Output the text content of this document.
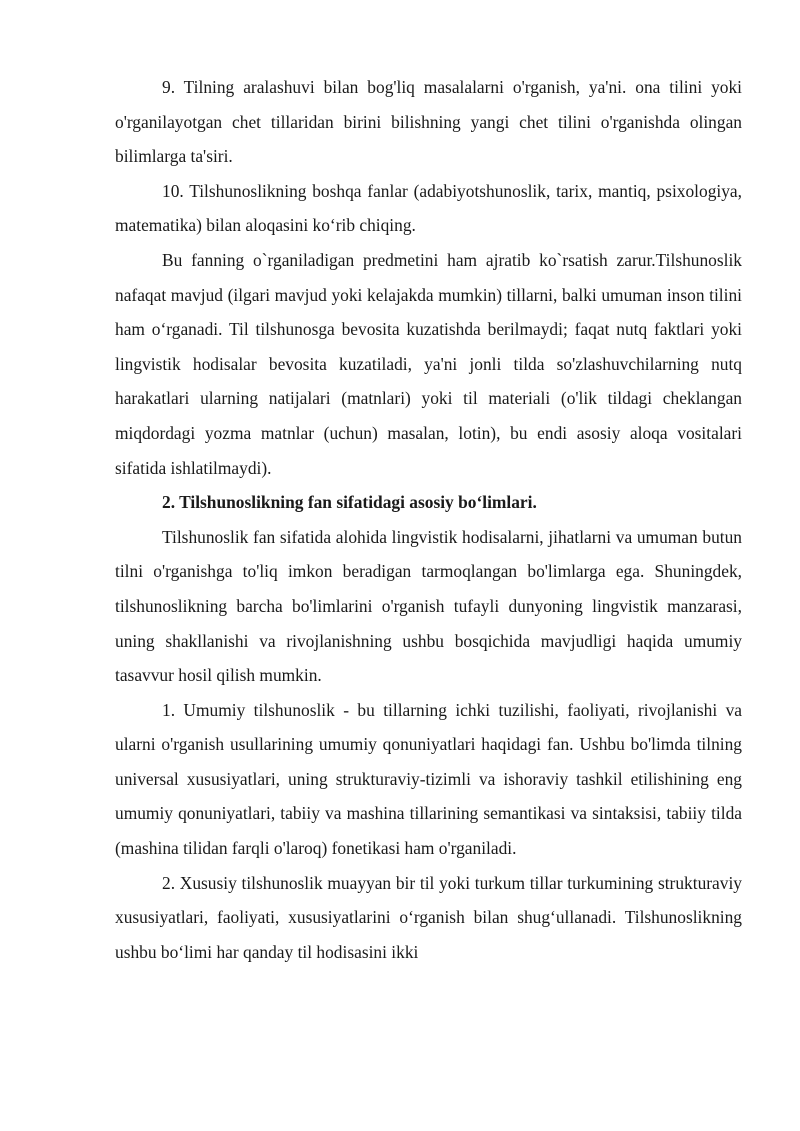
9. Tilning aralashuvi bilan bog'liq masalalarni o'rganish, ya'ni. ona tilini yoki o'rganilayotgan chet tillaridan birini bilishning yangi chet tilini o'rganishda olingan bilimlarga ta'siri.

10. Tilshunoslikning boshqa fanlar (adabiyotshunoslik, tarix, mantiq, psixologiya, matematika) bilan aloqasini ko‘rib chiqing.

Bu fanning o`rganiladigan predmetini ham ajratib ko`rsatish zarur.Tilshunoslik nafaqat mavjud (ilgari mavjud yoki kelajakda mumkin) tillarni, balki umuman inson tilini ham o‘rganadi. Til tilshunosga bevosita kuzatishda berilmaydi; faqat nutq faktlari yoki lingvistik hodisalar bevosita kuzatiladi, ya'ni jonli tilda so'zlashuvchilarning nutq harakatlari ularning natijalari (matnlari) yoki til materiali (o'lik tildagi cheklangan miqdordagi yozma matnlar (uchun) masalan, lotin), bu endi asosiy aloqa vositalari sifatida ishlatilmaydi).

2. Tilshunoslikning fan sifatidagi asosiy bo‘limlari.

Tilshunoslik fan sifatida alohida lingvistik hodisalarni, jihatlarni va umuman butun tilni o'rganishga to'liq imkon beradigan tarmoqlangan bo'limlarga ega. Shuningdek, tilshunoslikning barcha bo'limlarini o'rganish tufayli dunyoning lingvistik manzarasi, uning shakllanishi va rivojlanishning ushbu bosqichida mavjudligi haqida umumiy tasavvur hosil qilish mumkin.

1. Umumiy tilshunoslik - bu tillarning ichki tuzilishi, faoliyati, rivojlanishi va ularni o'rganish usullarining umumiy qonuniyatlari haqidagi fan. Ushbu bo'limda tilning universal xususiyatlari, uning strukturaviy-tizimli va ishoraviy tashkil etilishining eng umumiy qonuniyatlari, tabiiy va mashina tillarining semantikasi va sintaksisi, tabiiy tilda (mashina tilidan farqli o'laroq) fonetikasi ham o'rganiladi.

2. Xususiy tilshunoslik muayyan bir til yoki turkum tillar turkumining strukturaviy xususiyatlari, faoliyati, xususiyatlarini o‘rganish bilan shug‘ullanadi. Tilshunoslikning ushbu bo‘limi har qanday til hodisasini ikki
